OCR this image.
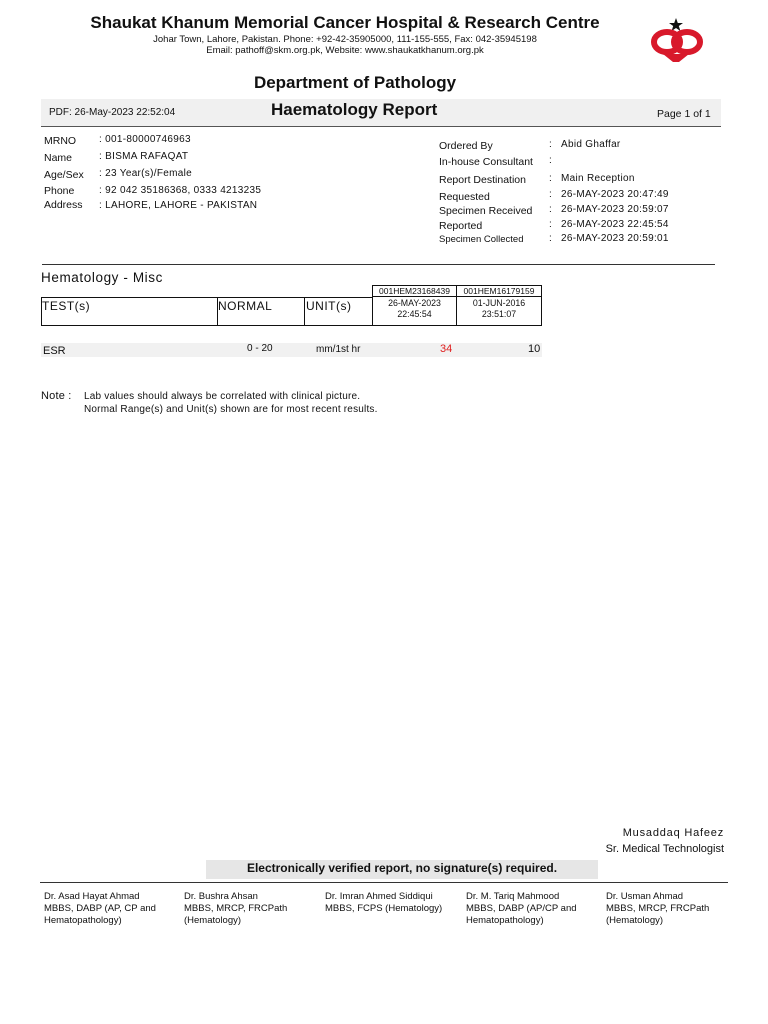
Shaukat Khanum Memorial Cancer Hospital & Research Centre
Johar Town, Lahore, Pakistan. Phone: +92-42-35905000, 111-155-555, Fax: 042-35945198
Email: pathoff@skm.org.pk, Website: www.shaukatkhanum.org.pk
Department of Pathology
PDF: 26-May-2023 22:52:04	Haematology Report	Page 1 of 1
MRNO : 001-80000746963
Name	: BISMA RAFAQAT
Age/Sex : 23 Year(s)/Female
Phone : 92 042 35186368, 0333 4213235
Address : LAHORE, LAHORE - PAKISTAN
Ordered By	: Abid Ghaffar
In-house Consultant :
Report Destination : Main Reception
Requested	: 26-MAY-2023 20:47:49
Specimen Received : 26-MAY-2023 20:59:07
Reported	: 26-MAY-2023 22:45:54
Specimen Collected	: 26-MAY-2023 20:59:01
Hematology - Misc
TEST(s)	NORMAL	UNIT(s)
001HEM23168439	001HEM16179159
26-MAY-2023
22:45:54
01-JUN-2016
23:51:07
ESR	0 - 20	mm/1st hr	34	10
Note : Lab values should always be correlated with clinical picture.
Normal Range(s) and Unit(s) shown are for most recent results.
Musaddaq Hafeez
Sr. Medical Technologist
Electronically verified report, no signature(s) required.
Dr. Asad Hayat Ahmad
MBBS, DABP (AP, CP and Hematopathology)
Dr. Bushra Ahsan
MBBS, MRCP, FRCPath (Hematology)
Dr. Imran Ahmed Siddiqui
MBBS, FCPS (Hematology)
Dr. M. Tariq Mahmood
MBBS, DABP (AP/CP and Hematopathology)
Dr. Usman Ahmad
MBBS, MRCP, FRCPath (Hematology)
